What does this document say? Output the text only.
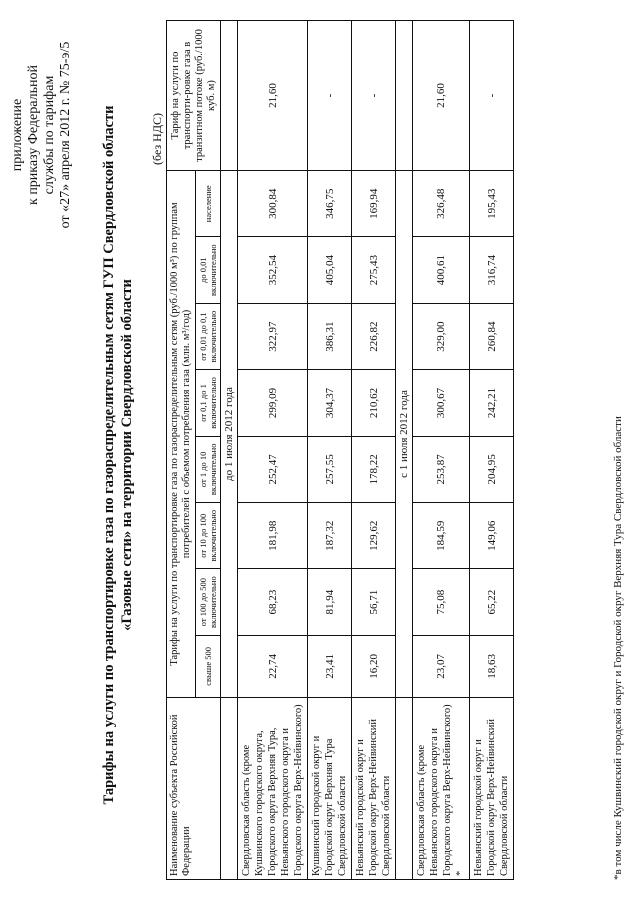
приложение к приказу Федеральной службы по тарифам от «27» апреля 2012 г. № 75-э/5 Тарифы на услуги по транспортировке газа по газораспределительным сетям ГУП Свердловской области «Газовые сети» на территории Свердловской области
(без НДС)
Наименование субъекта Российской Федерации	Тарифы на услуги по транспортировке газа по газораспределительным сетям (руб./1000 м³) по группам потребителей с объемом потребления газа (млн. м³/год)								Тариф на услуги по транспорти-ровке газа в транзитном потоке (руб./1000 куб. м)
	свыше 500	от 100 до 500 включительно	от 10 до 100 включительно	от 1 до 10 включительно	от 0,1 до 1 включительно	от 0,01 до 0,1 включительно	до 0,01 включительно	население	
	до 1 июля 2012 года								
Свердловская область (кроме Кушвинского городского округа, Городского округа Верхняя Тура, Невьянского городского округа и Городского округа Верх-Нейвинского)	22,74	68,23	181,98	252,47	299,09	322,97	352,54	300,84	21,60
Кушвинский городской округ и Городской округ Верхняя Тура Свердловской области	23,41	81,94	187,32	257,55	304,37	386,31	405,04	346,75	-
Невьянский городской округ и Городской округ Верх-Нейвинский Свердловской области	16,20	56,71	129,62	178,22	210,62	226,82	275,43	169,94	-
	с 1 июля 2012 года								
Свердловская область (кроме Невьянского городского округа и Городского округа Верх-Нейвинского) *	23,07	75,08	184,59	253,87	300,67	329,00	400,61	326,48	21,60
Невьянский городской округ и Городской округ Верх-Нейвинский Свердловской области	18,63	65,22	149,06	204,95	242,21	260,84	316,74	195,43	-
*в том числе Кушвинский городской округ и Городской округ Верхняя Тура Свердловской области
